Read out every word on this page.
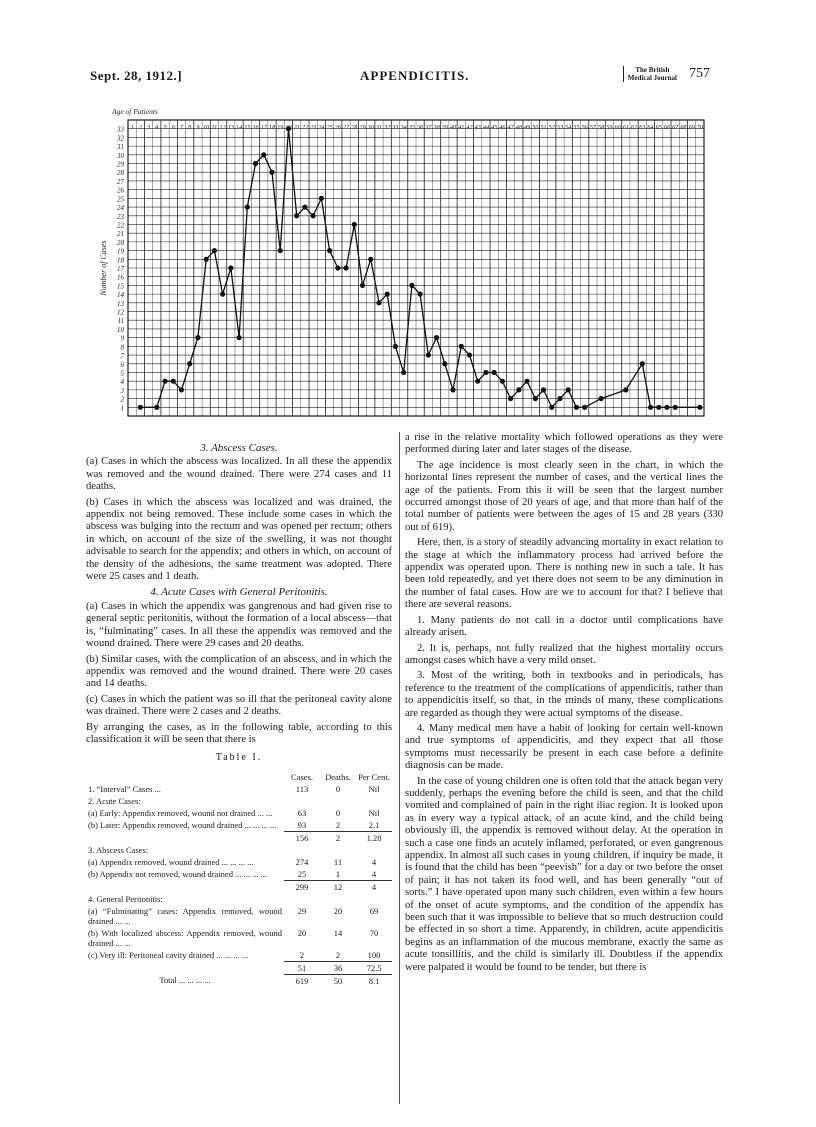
Sept. 28, 1912.]	APPENDICITIS.	The British
Medical Journal 757
1
2
3
4
5
6
7
8
9
10
11
12
13
14
15
16
17
18
19
20
21
22
23
24
25
26
27
28
29
30
31
32
33 1 2 3 4 5 6 7 8 9 10 11 12 13 14 15 16 17 18 19 21 22 23 24 25 26 27 28 29 30 31 32 33 34 35 36 37 38 39 40 41 42 43 44 45 46 47 48 49 50 51 52 53 54 55 56 57 58 59 60 61 62 63 64 65 66 67 68 69 70
Age of Patients
Number of Cases
3. Abscess Cases.

(a) Cases in which the abscess was localized. In all these the appendix was removed and the wound drained. There were 274 cases and 11 deaths.

(b) Cases in which the abscess was localized and was drained, the appendix not being removed. These include some cases in which the abscess was bulging into the rectum and was opened per rectum; others in which, on account of the size of the swelling, it was not thought advisable to search for the appendix; and others in which, on account of the density of the adhesions, the same treatment was adopted. There were 25 cases and 1 death.

4. Acute Cases with General Peritonitis.

(a) Cases in which the appendix was gangrenous and had given rise to general septic peritonitis, without the formation of a local abscess—that is, “fulminating” cases. In all these the appendix was removed and the wound drained. There were 29 cases and 20 deaths.

(b) Similar cases, with the complication of an abscess, and in which the appendix was removed and the wound drained. There were 20 cases and 14 deaths.

(c) Cases in which the patient was so ill that the peritoneal cavity alone was drained. There were 2 cases and 2 deaths.

By arranging the cases, as in the following table, according to this classification it will be seen that there is

Table I.
	Cases.	Deaths.	Per Cent.
1. “Interval” Cases ...	113	0	Nil
2. Acute Cases:			
(a) Early: Appendix removed, wound not drained ... ...	63	0	Nil
(b) Later: Appendix removed, wound drained ... ... ... ...	93	2	2.1
	156	2	1.28
3. Abscess Cases:			
(a) Appendix removed, wound drained ... ... ... ...	274	11	4
(b) Appendix not removed, wound drained ... ... ... ...	25	1	4
	299	12	4
4. General Peritonitis:			
(a) “Fulminating” cases: Appendix removed, wound drained ... ...	29	20	69
(b) With localized abscess: Appendix removed, wound drained ... ...	20	14	70
(c) Very ill: Peritoneal cavity drained ... ... ... ...	2	2	100
	51	36	72.5
Total ... ... ... ...	619	50	8.1

a rise in the relative mortality which followed operations as they were performed during later and later stages of the disease.

The age incidence is most clearly seen in the chart, in which the horizontal lines represent the number of cases, and the vertical lines the age of the patients. From this it will be seen that the largest number occurred amongst those of 20 years of age, and that more than half of the total number of patients were between the ages of 15 and 28 years (330 out of 619).

Here, then, is a story of steadily advancing mortality in exact relation to the stage at which the inflammatory process had arrived before the appendix was operated upon. There is nothing new in such a tale. It has been told repeatedly, and yet there does not seem to be any diminution in the number of fatal cases. How are we to account for that? I believe that there are several reasons.

1. Many patients do not call in a doctor until complications have already arisen.

2. It is, perhaps, not fully realized that the highest mortality occurs amongst cases which have a very mild onset.

3. Most of the writing, both in textbooks and in periodicals, has reference to the treatment of the complications of appendicitis, rather than to appendicitis itself, so that, in the minds of many, these complications are regarded as though they were actual symptoms of the disease.

4. Many medical men have a habit of looking for certain well-known and true symptoms of appendicitis, and they expect that all those symptoms must necessarily be present in each case before a definite diagnosis can be made.

In the case of young children one is often told that the attack began very suddenly, perhaps the evening before the child is seen, and that the child vomited and complained of pain in the right iliac region. It is looked upon as in every way a typical attack, of an acute kind, and the child being obviously ill, the appendix is removed without delay. At the operation in such a case one finds an acutely inflamed, perforated, or even gangrenous appendix. In almost all such cases in young children, if inquiry be made, it is found that the child has been “peevish” for a day or two before the onset of pain; it has not taken its food well, and has been generally “out of sorts.” I have operated upon many such children, even within a few hours of the onset of acute symptoms, and the condition of the appendix has been such that it was impossible to believe that so much destruction could be effected in so short a time. Apparently, in children, acute appendicitis begins as an inflammation of the mucous membrane, exactly the same as acute tonsillitis, and the child is similarly ill. Doubtless if the appendix were palpated it would be found to be tender, but there is
